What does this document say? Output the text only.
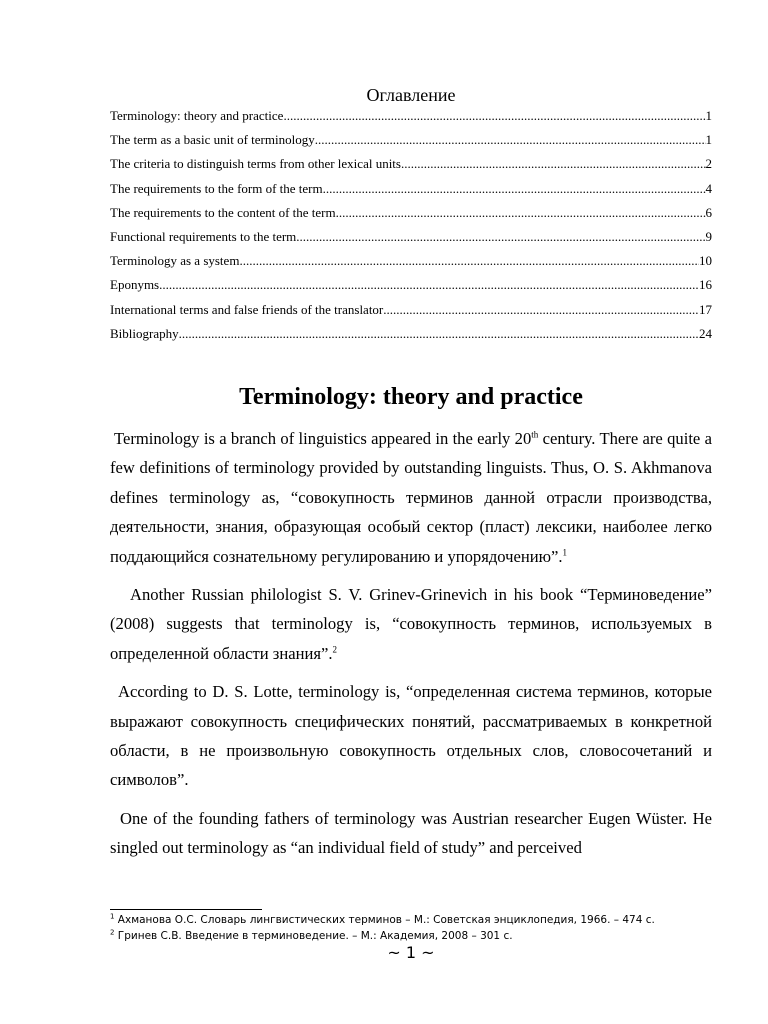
Оглавление
Terminology: theory and practice .....	1
The term as a basic unit of terminology .....	1
The criteria to distinguish terms from other lexical units .....	2
The requirements to the form of the term .....	4
The requirements to the content of the term .....	6
Functional requirements to the term .....	9
Terminology as a system .....	10
Eponyms .....	16
International terms and false friends of the translator .....	17
Bibliography .....	24
Terminology: theory and practice

Terminology is a branch of linguistics appeared in the early 20th century. There are quite a few definitions of terminology provided by outstanding linguists. Thus, O. S. Akhmanova defines terminology as, “совокупность терминов данной отрасли производства, деятельности, знания, образующая особый сектор (пласт) лексики, наиболее легко поддающийся сознательному регулированию и упорядочению”.$^1$

Another Russian philologist S. V. Grinev-Grinevich in his book “Терминоведение” (2008) suggests that terminology is, “совокупность терминов, используемых в определенной области знания”.$^2$

According to D. S. Lotte, terminology is, “определенная система терминов, которые выражают совокупность специфических понятий, рассматриваемых в конкретной области, в не произвольную совокупность отдельных слов, словосочетаний и символов”.

One of the founding fathers of terminology was Austrian researcher Eugen Wüster. He singled out terminology as “an individual field of study” and perceived

$^1$ Ахманова О.С. Словарь лингвистических терминов – М.: Советская энциклопедия, 1966. – 474 с.
$^2$ Гринев С.В. Введение в терминоведение. – М.: Академия, 2008 – 301 с.
~ 1 ~
